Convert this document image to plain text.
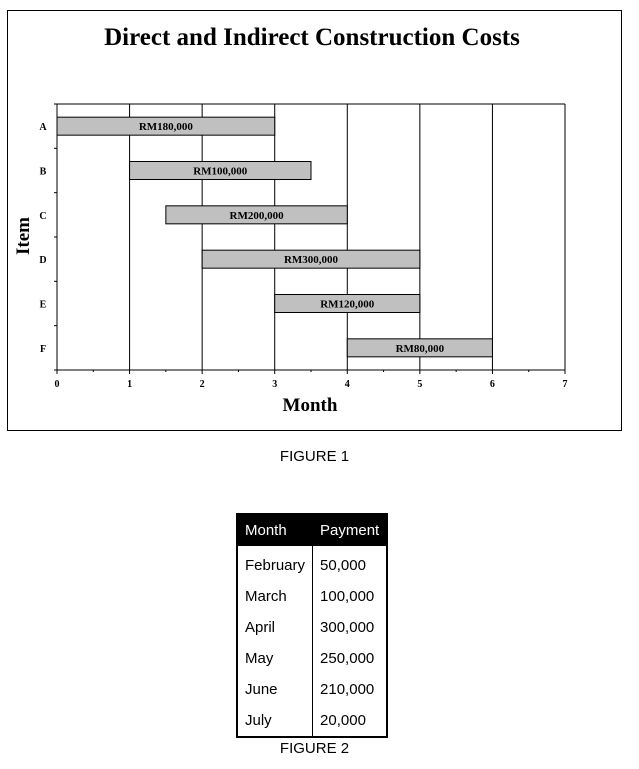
Direct and Indirect Construction Costs
Item
Month
0	1	2	3	4	5	6	7
RM180,000
A
RM100,000
B
RM200,000
C
RM300,000
D
RM120,000
E
RM80,000
F
FIGURE 1
Month	Payment
February	50,000
March	100,000
April	300,000
May	250,000
June	210,000
July	20,000
FIGURE 2
